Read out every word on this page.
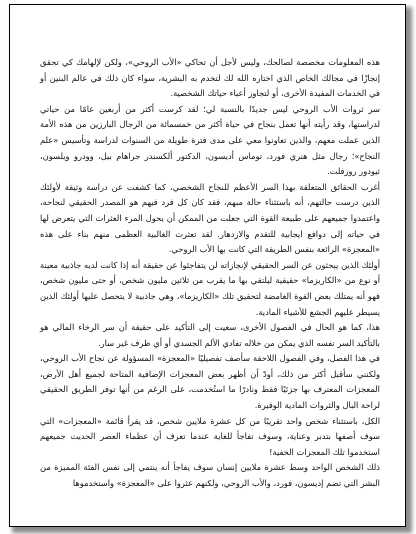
هذه المعلومات مخصصة لصالحك، وليس لأجل أن تحاكي «الأب الروحي»، ولكن لإلهامك كي تحقق إنجازًا في مجالك الخاص الذي اختاره الله لك لتخدم به البشرية، سواء كان ذلك في عالم البنين أو في الخدمات المفيدة الأخرى، أو لتجاوز أعباء حياتك الشخصية.

سر ثروات الأب الروحي ليس جديدًا بالنسبة لي؛ لقد كرست أكثر من أربعين عامًا من حياتي لدراستها، وقد رأيته أنها تعمل بنجاح في حياة أكثر من خمسمائة من الرجال البارزين من هذه الأمة الذين عملت معهم، والذين تعاونوا معي على مدى فترة طويلة من السنوات لدراسة وتأسيس «علم النجاح»؛ رجال مثل هنري فورد، توماس أديسون، الدكتور ألكسندر جراهام بيل، وودرو ويلسون، ثيودور روزفلت.

أغرب الحقائق المتعلقة بهذا السر الأعظم للنجاح الشخصي، كما كشفت عن دراسة وثيقة لأولئك الذين درست حالتهم، أنه باستثناء حالة مبهم، فقد كان كل فرد فيهم هو المصدر الحقيقي لنجاحه، واعتمدوا جميعهم على طبيعة القوة التي جعلت من الممكن أن يحول المرء العثرات التي يتعرض لها في حياته إلى دوافع ايجابية للتقدم والازدهار. لقد تعثرت الغالبية العظمى منهم بناء على هذه «المعجزة» الرائعة بنفس الطريقة التي كانت بها الأب الروحي.

أولئك الذين يبحثون عن السر الحقيقي لإنجازاته لن يتفاجئوا عن حقيقة أنه إذا كانت لديه جاذبية معينة أو نوع من «الكاريزما» حقيقية ليلتقي بها ما يقرب من ثلاثين مليون شخص، أو حتى مليون شخص، فهو أنه يمتلك بعض القوة الغامضة لتحقيق تلك «الكاريزما»، وهي جاذبية لا يتحصل عليها أولئك الذين يسيطر عليهم الجشع للأشياء المادية.

هذا، كما هو الحال في الفصول الأخرى، سعيت إلى التأكيد على حقيقة أن سر الرخاء المالي هو بالتأكيد السر نفسه الذي يمكن من خلاله تفادي الألم الجسدي أو أي ظرف غير سار.

في هذا الفصل، وفي الفصول اللاحقة سأصف تفصيليًا «المعجزة» المسؤولة عن نجاح الأب الروحي، ولكنني سأقبل أكثر من ذلك، أودّ أن أظهر بعض المعجزات الإضافية المتاحة لجميع أهل الأرض، المعجزات المعترف بها جزئيًا فقط ونادرًا ما استُخدمت، على الرغم من أنها توفر الطريق الحقيقي لراحة البال والثروات المادية الوفيرة.

الكل، باستثناء شخص واحد تقريبًا من كل عشرة ملايين شخص، قد يقرأ قائمة «المعجزات» التي سوف أصفها بتدبر وعناية، وسوف تفاجأ للغاية عندما تعرف أن عظماء العصر الحديث جميعهم استخدموا تلك المعجزات الخفية!

ذلك الشخص الواحد وسط عشرة ملايين إنسان سوف يفاجأ أنه ينتمي إلى نفس الفئة المميزة من البشر التي تضم إديسون، فورد، والأب الروحي، ولكنهم عثروا على «المعجزة» واستخدموها
